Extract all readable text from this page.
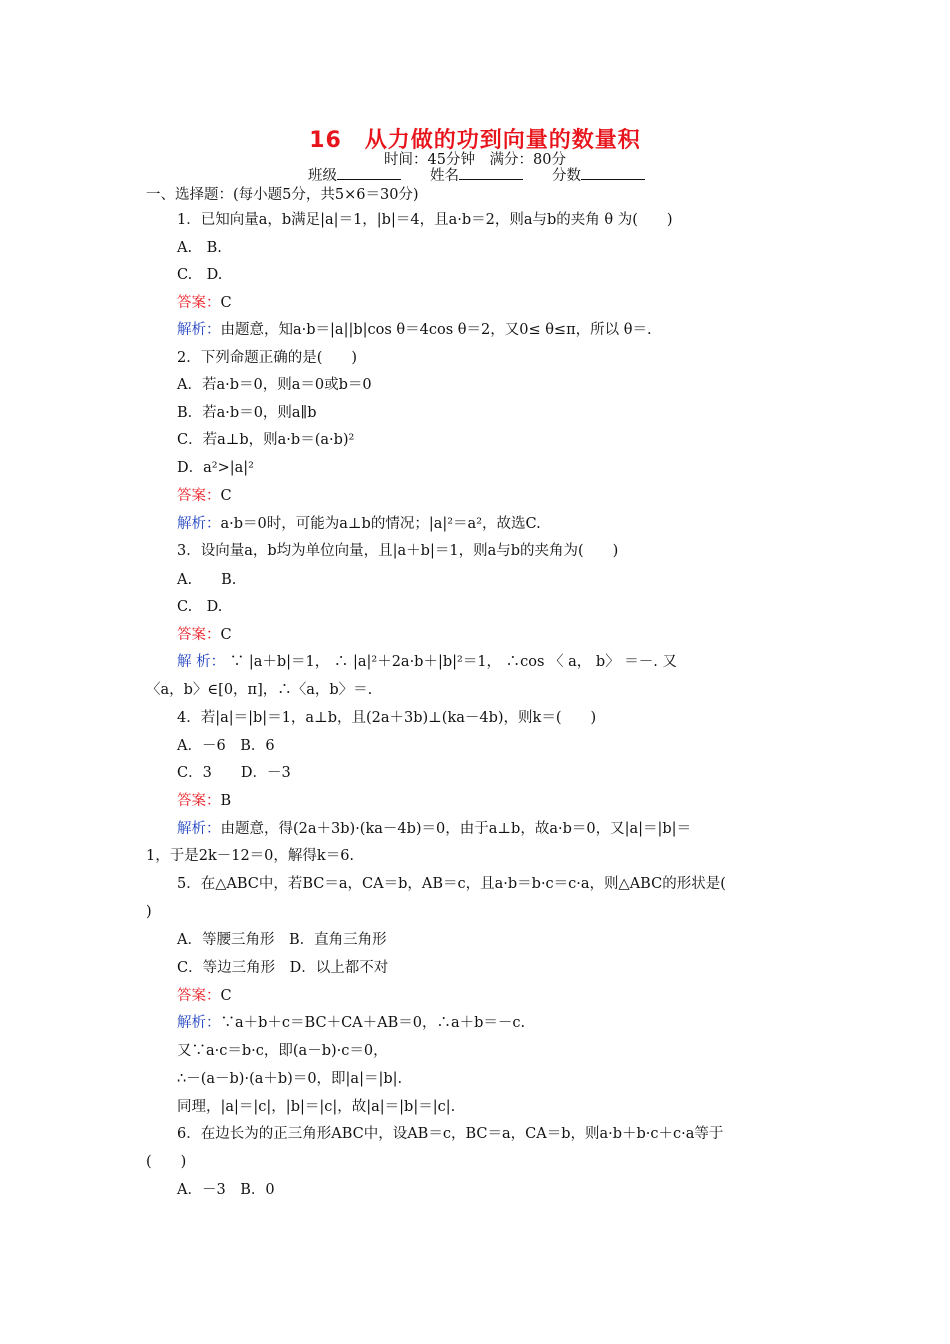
16　从力做的功到向量的数量积
时间：45分钟　满分：80分
班级　　	姓名　　	分数
一、选择题：(每小题5分，共5×6＝30分)
1．已知向量a，b满足|a|＝1，|b|＝4，且a·b＝2，则a与b的夹角 θ 为(　　)
A.　B.
C.　D.
答案：C
解析：由题意，知a·b＝|a||b|cos θ＝4cos θ＝2，又0≤ θ≤π，所以 θ＝.
2．下列命题正确的是(　　)
A．若a·b＝0，则a＝0或b＝0
B．若a·b＝0，则a∥b
C．若a⊥b，则a·b＝(a·b)²
D．a²>|a|²
答案：C
解析：a·b＝0时，可能为a⊥b的情况；|a|²＝a²，故选C.
3．设向量a，b均为单位向量，且|a＋b|＝1，则a与b的夹角为(　　)
A.　　B.
C.　D.
答案：C
解 析： ∵ |a＋b|＝1， ∴ |a|²＋2a·b＋|b|²＝1， ∴cos 〈 a， b〉 ＝－. 又
〈a，b〉∈[0，π]，∴〈a，b〉＝.
4．若|a|＝|b|＝1，a⊥b，且(2a＋3b)⊥(ka－4b)，则k＝(　　)
A．－6　B．6
C．3　　D．－3
答案：B
解析：由题意，得(2a＋3b)·(ka－4b)＝0，由于a⊥b，故a·b＝0，又|a|＝|b|＝
1，于是2k－12＝0，解得k＝6.
5．在△ABC中，若BC＝a，CA＝b，AB＝c，且a·b＝b·c＝c·a，则△ABC的形状是(
)
A．等腰三角形　B．直角三角形
C．等边三角形　D．以上都不对
答案：C
解析：∵a＋b＋c＝BC＋CA＋AB＝0，∴a＋b＝－c.
又∵a·c＝b·c，即(a－b)·c＝0，
∴－(a－b)·(a＋b)＝0，即|a|＝|b|.
同理，|a|＝|c|，|b|＝|c|，故|a|＝|b|＝|c|.
6．在边长为的正三角形ABC中，设AB＝c，BC＝a，CA＝b，则a·b＋b·c＋c·a等于
(　　)
A．－3　B．0
